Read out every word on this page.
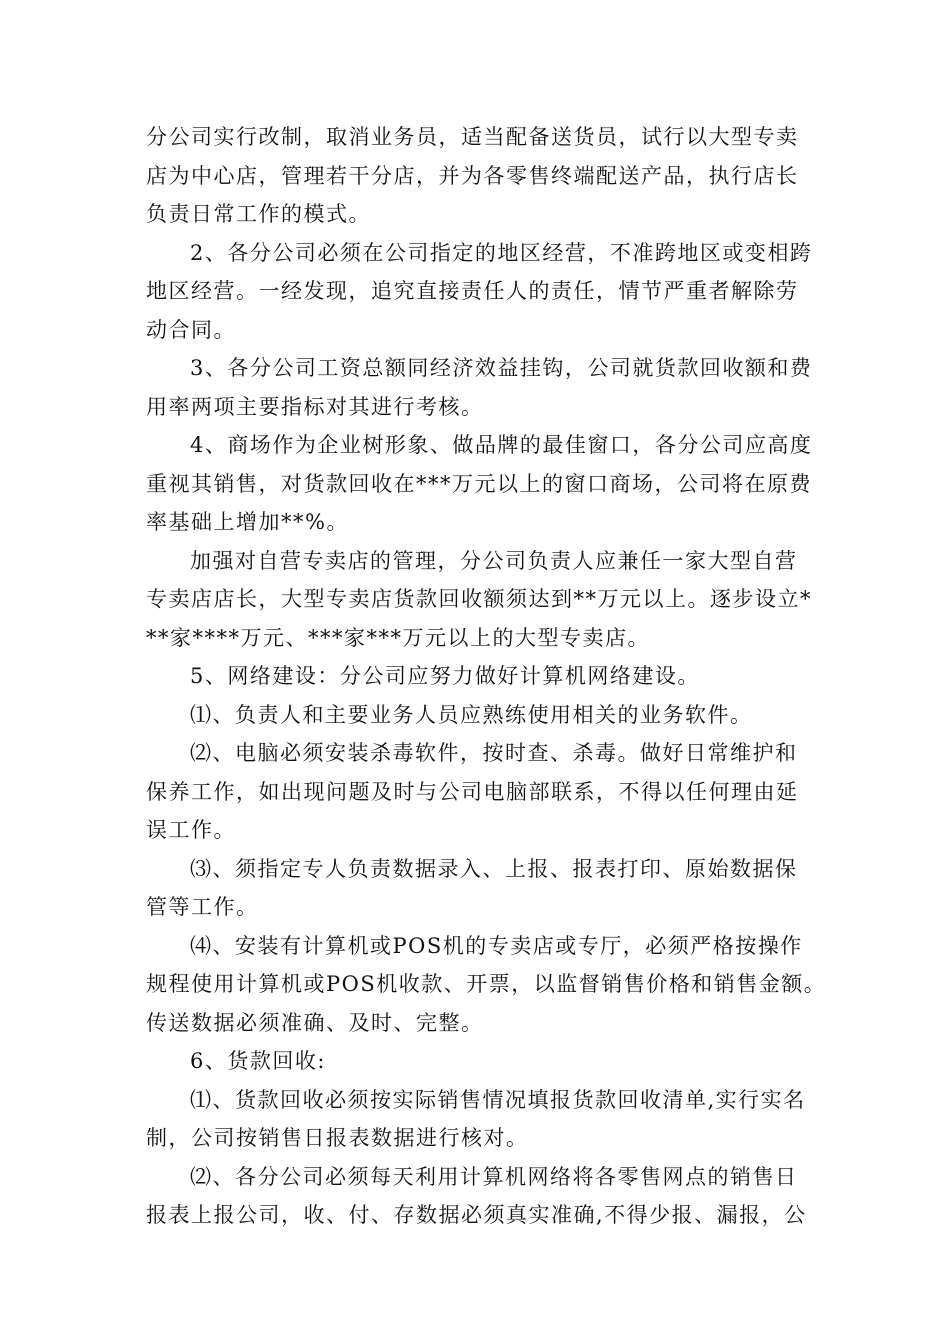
分公司实行改制，取消业务员，适当配备送货员，试行以大型专卖
店为中心店，管理若干分店，并为各零售终端配送产品，执行店长
负责日常工作的模式。
2、各分公司必须在公司指定的地区经营，不准跨地区或变相跨
地区经营。一经发现，追究直接责任人的责任，情节严重者解除劳
动合同。
3、各分公司工资总额同经济效益挂钩，公司就货款回收额和费
用率两项主要指标对其进行考核。
4、商场作为企业树形象、做品牌的最佳窗口，各分公司应高度
重视其销售，对货款回收在***万元以上的窗口商场，公司将在原费
率基础上增加**%。
加强对自营专卖店的管理，分公司负责人应兼任一家大型自营
专卖店店长，大型专卖店货款回收额须达到**万元以上。逐步设立*
**家****万元、***家***万元以上的大型专卖店。
5、网络建设：分公司应努力做好计算机网络建设。
⑴、负责人和主要业务人员应熟练使用相关的业务软件。
⑵、电脑必须安装杀毒软件，按时查、杀毒。做好日常维护和
保养工作，如出现问题及时与公司电脑部联系，不得以任何理由延
误工作。
⑶、须指定专人负责数据录入、上报、报表打印、原始数据保
管等工作。
⑷、安装有计算机或POS机的专卖店或专厅，必须严格按操作
规程使用计算机或POS机收款、开票，以监督销售价格和销售金额。
传送数据必须准确、及时、完整。
6、货款回收:
⑴、货款回收必须按实际销售情况填报货款回收清单,实行实名
制，公司按销售日报表数据进行核对。
⑵、各分公司必须每天利用计算机网络将各零售网点的销售日
报表上报公司，收、付、存数据必须真实准确,不得少报、漏报，公
